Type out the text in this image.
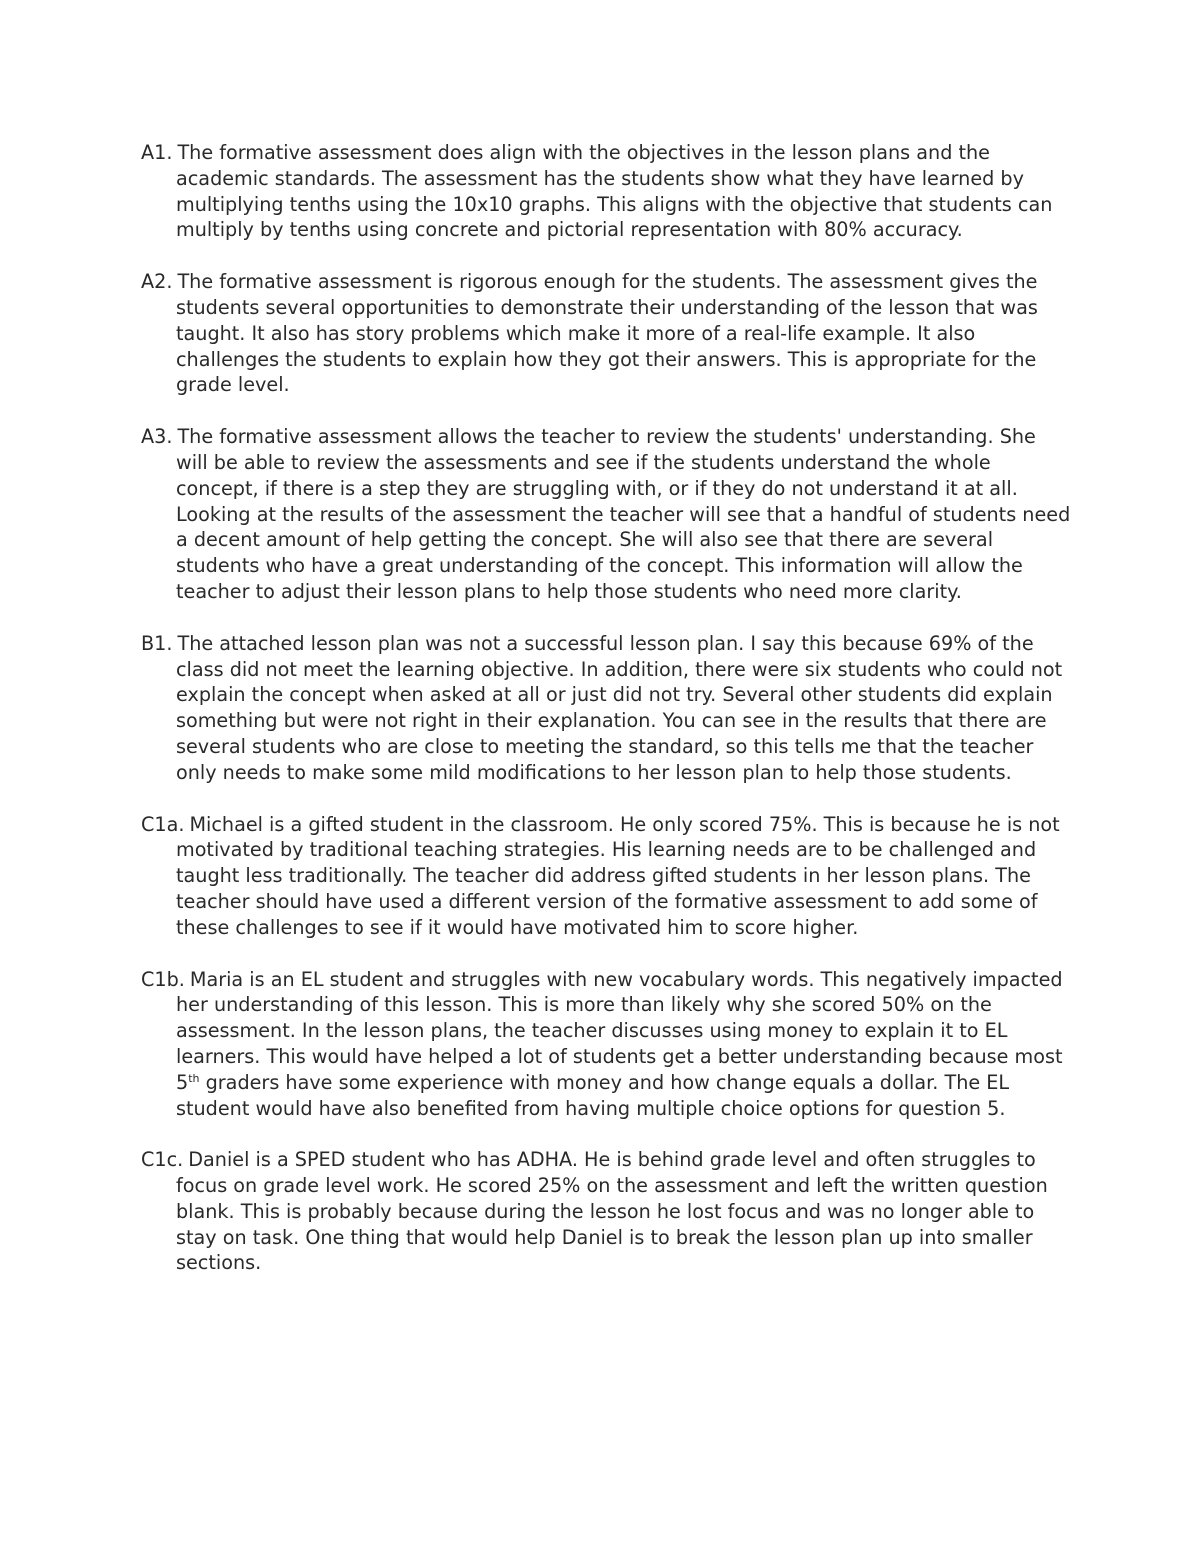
A1. The formative assessment does align with the objectives in the lesson plans and the academic standards. The assessment has the students show what they have learned by multiplying tenths using the 10x10 graphs. This aligns with the objective that students can multiply by tenths using concrete and pictorial representation with 80% accuracy.

A2. The formative assessment is rigorous enough for the students. The assessment gives the students several opportunities to demonstrate their understanding of the lesson that was taught. It also has story problems which make it more of a real-life example. It also challenges the students to explain how they got their answers. This is appropriate for the grade level.

A3. The formative assessment allows the teacher to review the students' understanding. She will be able to review the assessments and see if the students understand the whole concept, if there is a step they are struggling with, or if they do not understand it at all. Looking at the results of the assessment the teacher will see that a handful of students need a decent amount of help getting the concept. She will also see that there are several students who have a great understanding of the concept. This information will allow the teacher to adjust their lesson plans to help those students who need more clarity.

B1. The attached lesson plan was not a successful lesson plan. I say this because 69% of the class did not meet the learning objective. In addition, there were six students who could not explain the concept when asked at all or just did not try. Several other students did explain something but were not right in their explanation. You can see in the results that there are several students who are close to meeting the standard, so this tells me that the teacher only needs to make some mild modifications to her lesson plan to help those students.

C1a. Michael is a gifted student in the classroom. He only scored 75%. This is because he is not motivated by traditional teaching strategies. His learning needs are to be challenged and taught less traditionally. The teacher did address gifted students in her lesson plans. The teacher should have used a different version of the formative assessment to add some of these challenges to see if it would have motivated him to score higher.

C1b. Maria is an EL student and struggles with new vocabulary words. This negatively impacted her understanding of this lesson. This is more than likely why she scored 50% on the assessment. In the lesson plans, the teacher discusses using money to explain it to EL learners. This would have helped a lot of students get a better understanding because most 5th graders have some experience with money and how change equals a dollar. The EL student would have also benefited from having multiple choice options for question 5.

C1c. Daniel is a SPED student who has ADHA. He is behind grade level and often struggles to focus on grade level work. He scored 25% on the assessment and left the written question blank. This is probably because during the lesson he lost focus and was no longer able to stay on task. One thing that would help Daniel is to break the lesson plan up into smaller sections.
